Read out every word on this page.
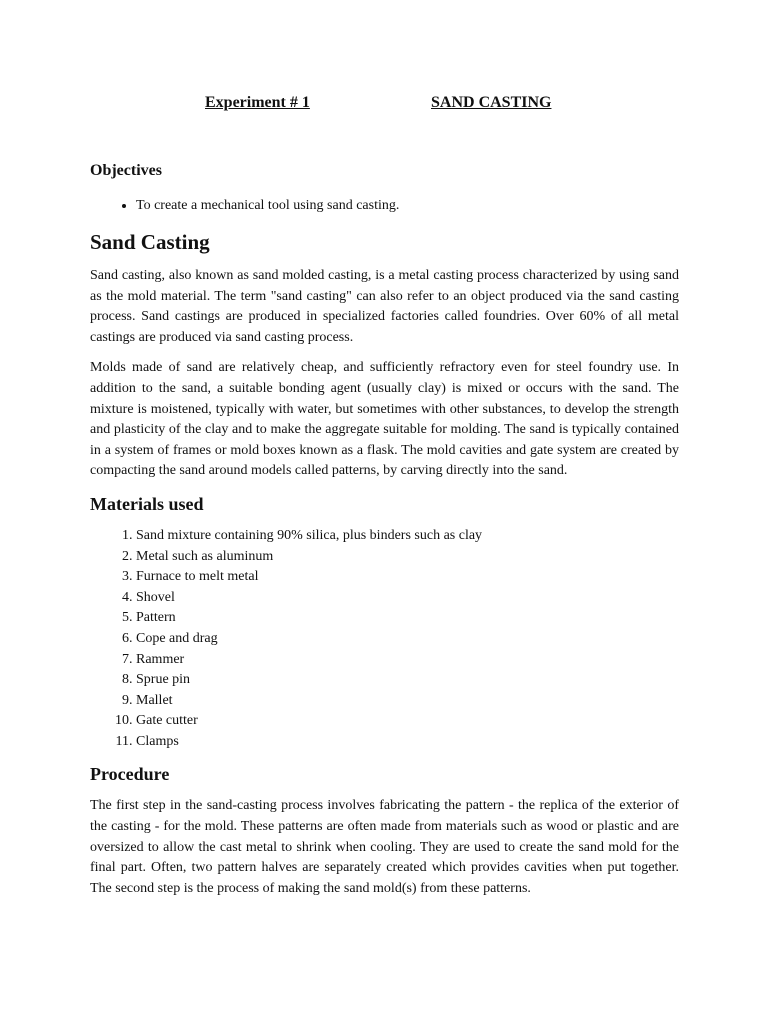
Experiment # 1	SAND CASTING
Objectives
• To create a mechanical tool using sand casting.
Sand Casting

Sand casting, also known as sand molded casting, is a metal casting process characterized by using sand as the mold material. The term "sand casting" can also refer to an object produced via the sand casting process. Sand castings are produced in specialized factories called foundries. Over 60% of all metal castings are produced via sand casting process.

Molds made of sand are relatively cheap, and sufficiently refractory even for steel foundry use. In addition to the sand, a suitable bonding agent (usually clay) is mixed or occurs with the sand. The mixture is moistened, typically with water, but sometimes with other substances, to develop the strength and plasticity of the clay and to make the aggregate suitable for molding. The sand is typically contained in a system of frames or mold boxes known as a flask. The mold cavities and gate system are created by compacting the sand around models called patterns, by carving directly into the sand.

Materials used
1. Sand mixture containing 90% silica, plus binders such as clay
2. Metal such as aluminum
3. Furnace to melt metal
4. Shovel
5. Pattern
6. Cope and drag
7. Rammer
8. Sprue pin
9. Mallet
10. Gate cutter
11. Clamps
Procedure

The first step in the sand-casting process involves fabricating the pattern - the replica of the exterior of the casting - for the mold. These patterns are often made from materials such as wood or plastic and are oversized to allow the cast metal to shrink when cooling. They are used to create the sand mold for the final part. Often, two pattern halves are separately created which provides cavities when put together. The second step is the process of making the sand mold(s) from these patterns.
